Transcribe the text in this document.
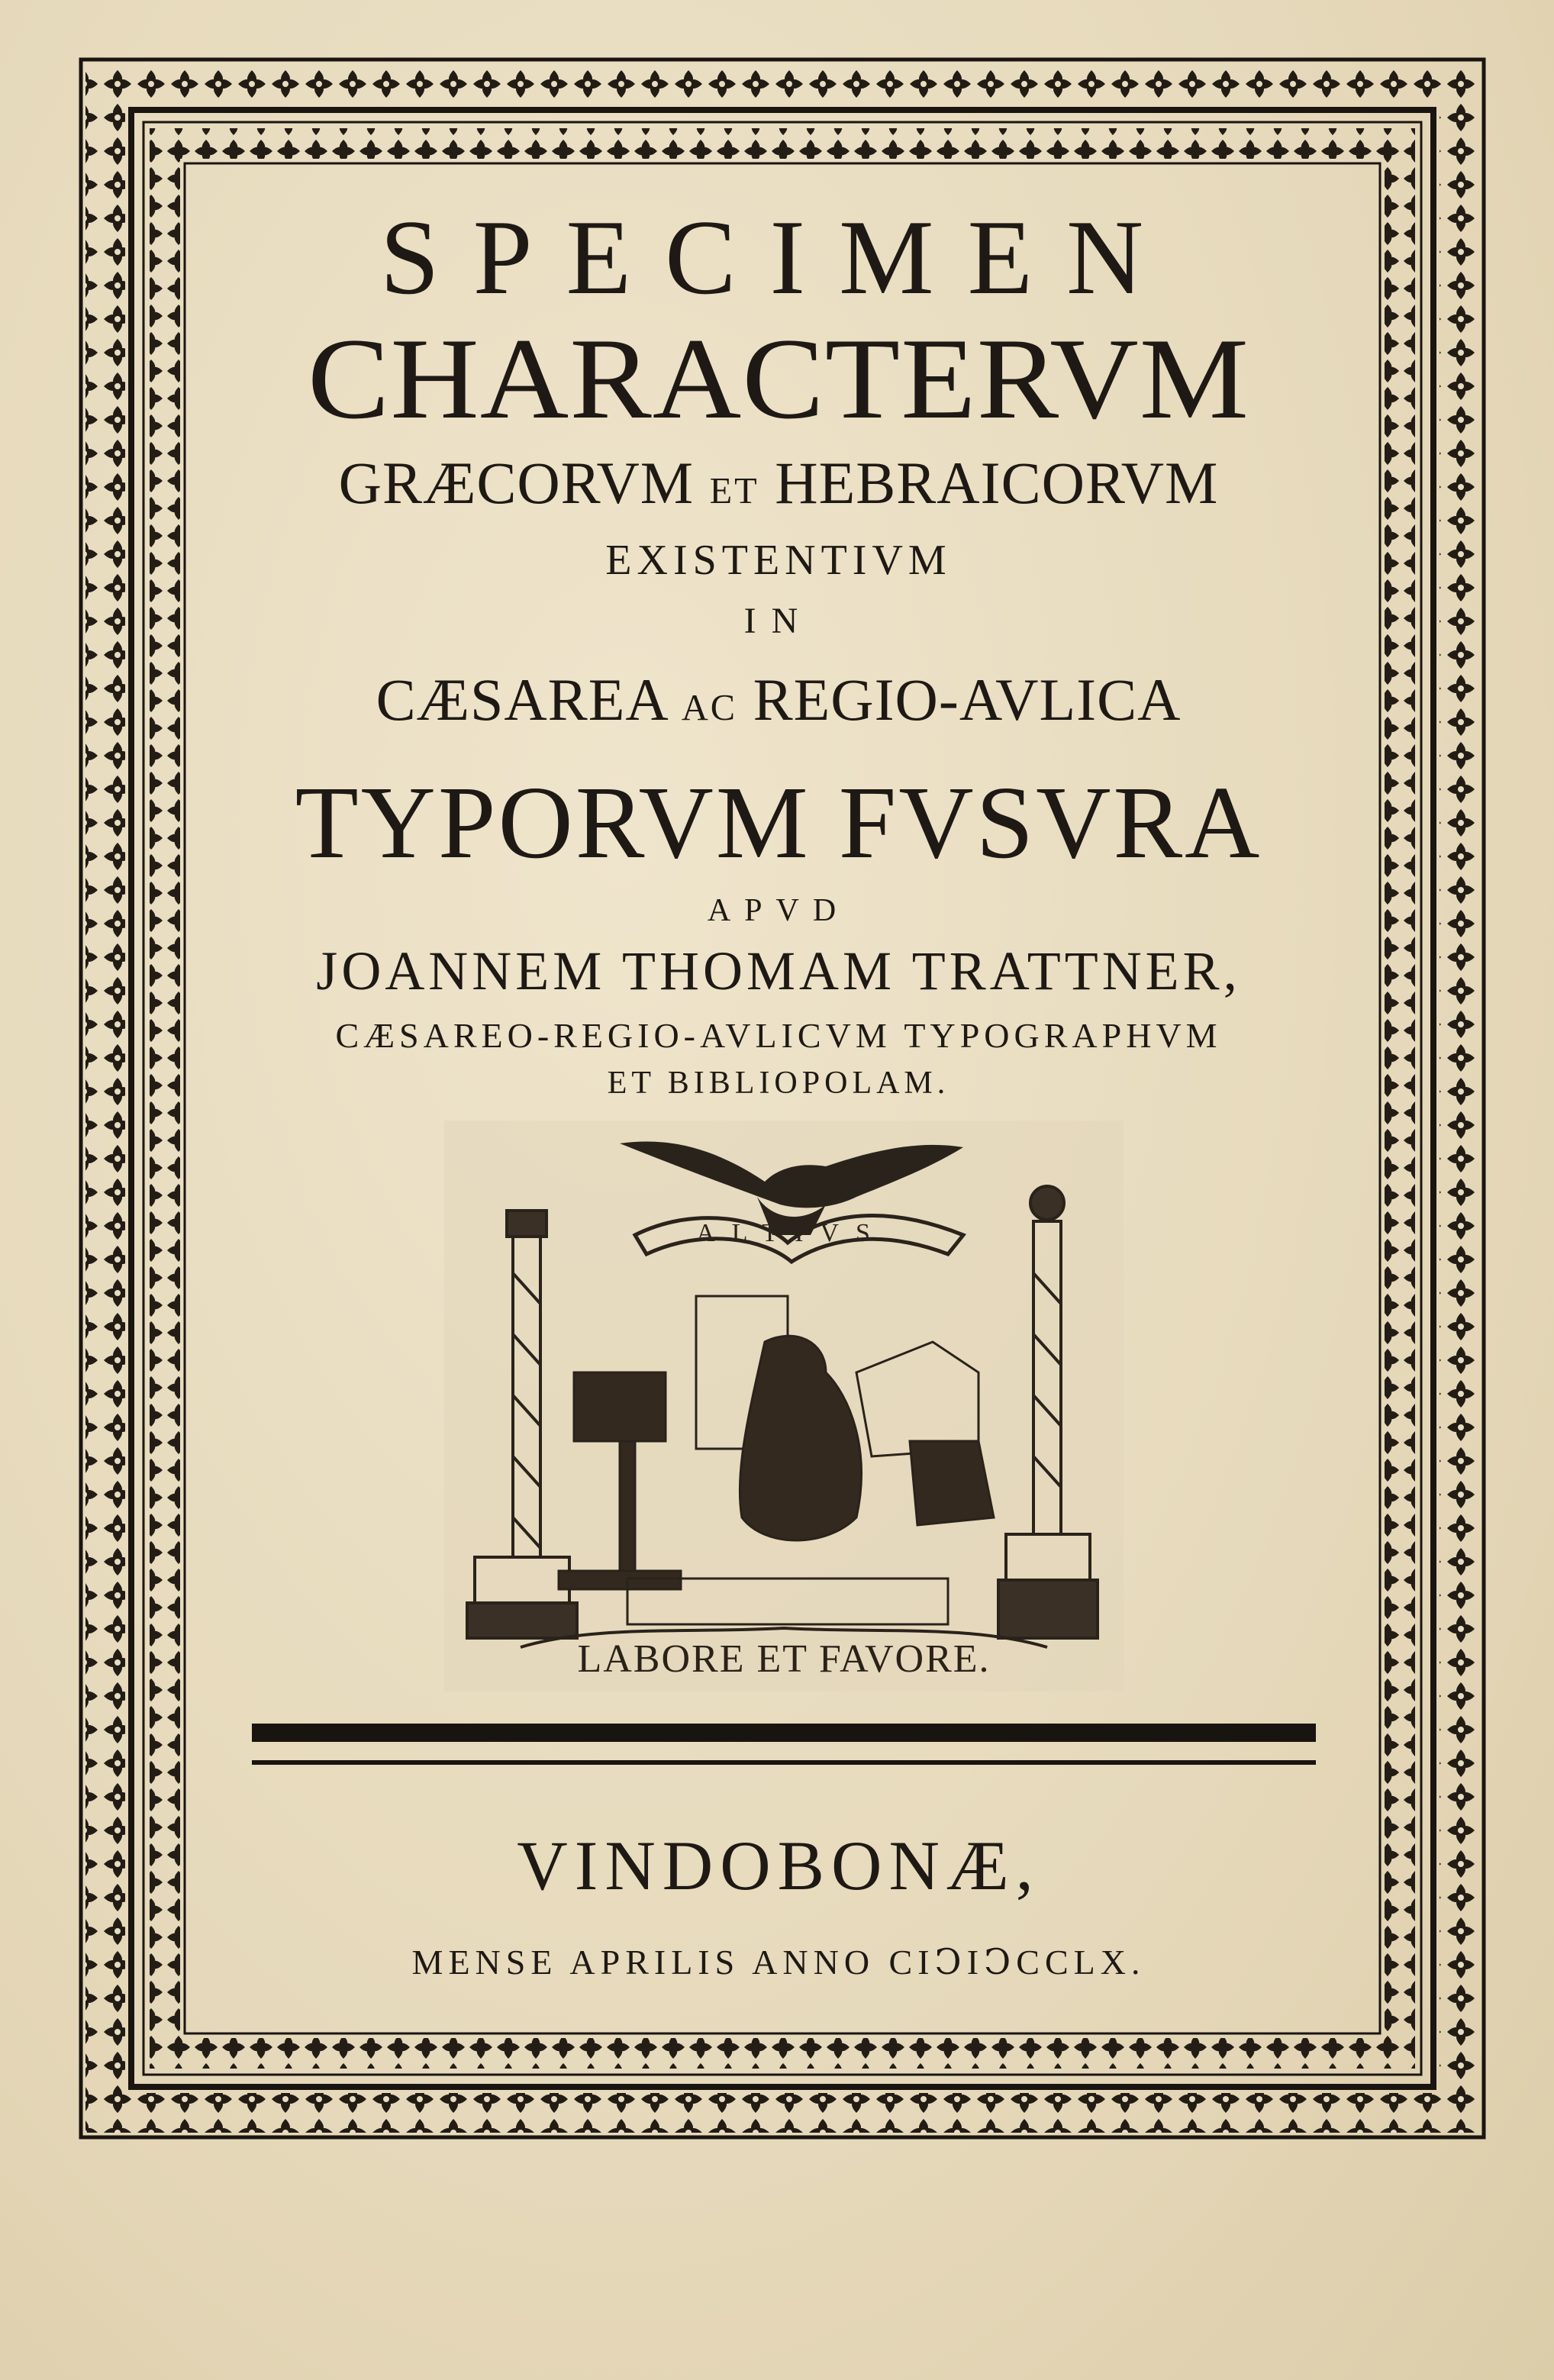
SPECIMEN
CHARACTERVM
GRÆCORVM ET HEBRAICORVM
EXISTENTIVM
IN
CÆSAREA AC REGIO-AVLICA
TYPORVM FVSVRA
APVD
JOANNEM THOMAM TRATTNER,
CÆSAREO-REGIO-AVLICVM TYPOGRAPHVM
ET BIBLIOPOLAM.
ALTIVS
LABORE ET FAVORE.
VINDOBONÆ,
MENSE APRILIS ANNO CIↃIↃCCLX.
